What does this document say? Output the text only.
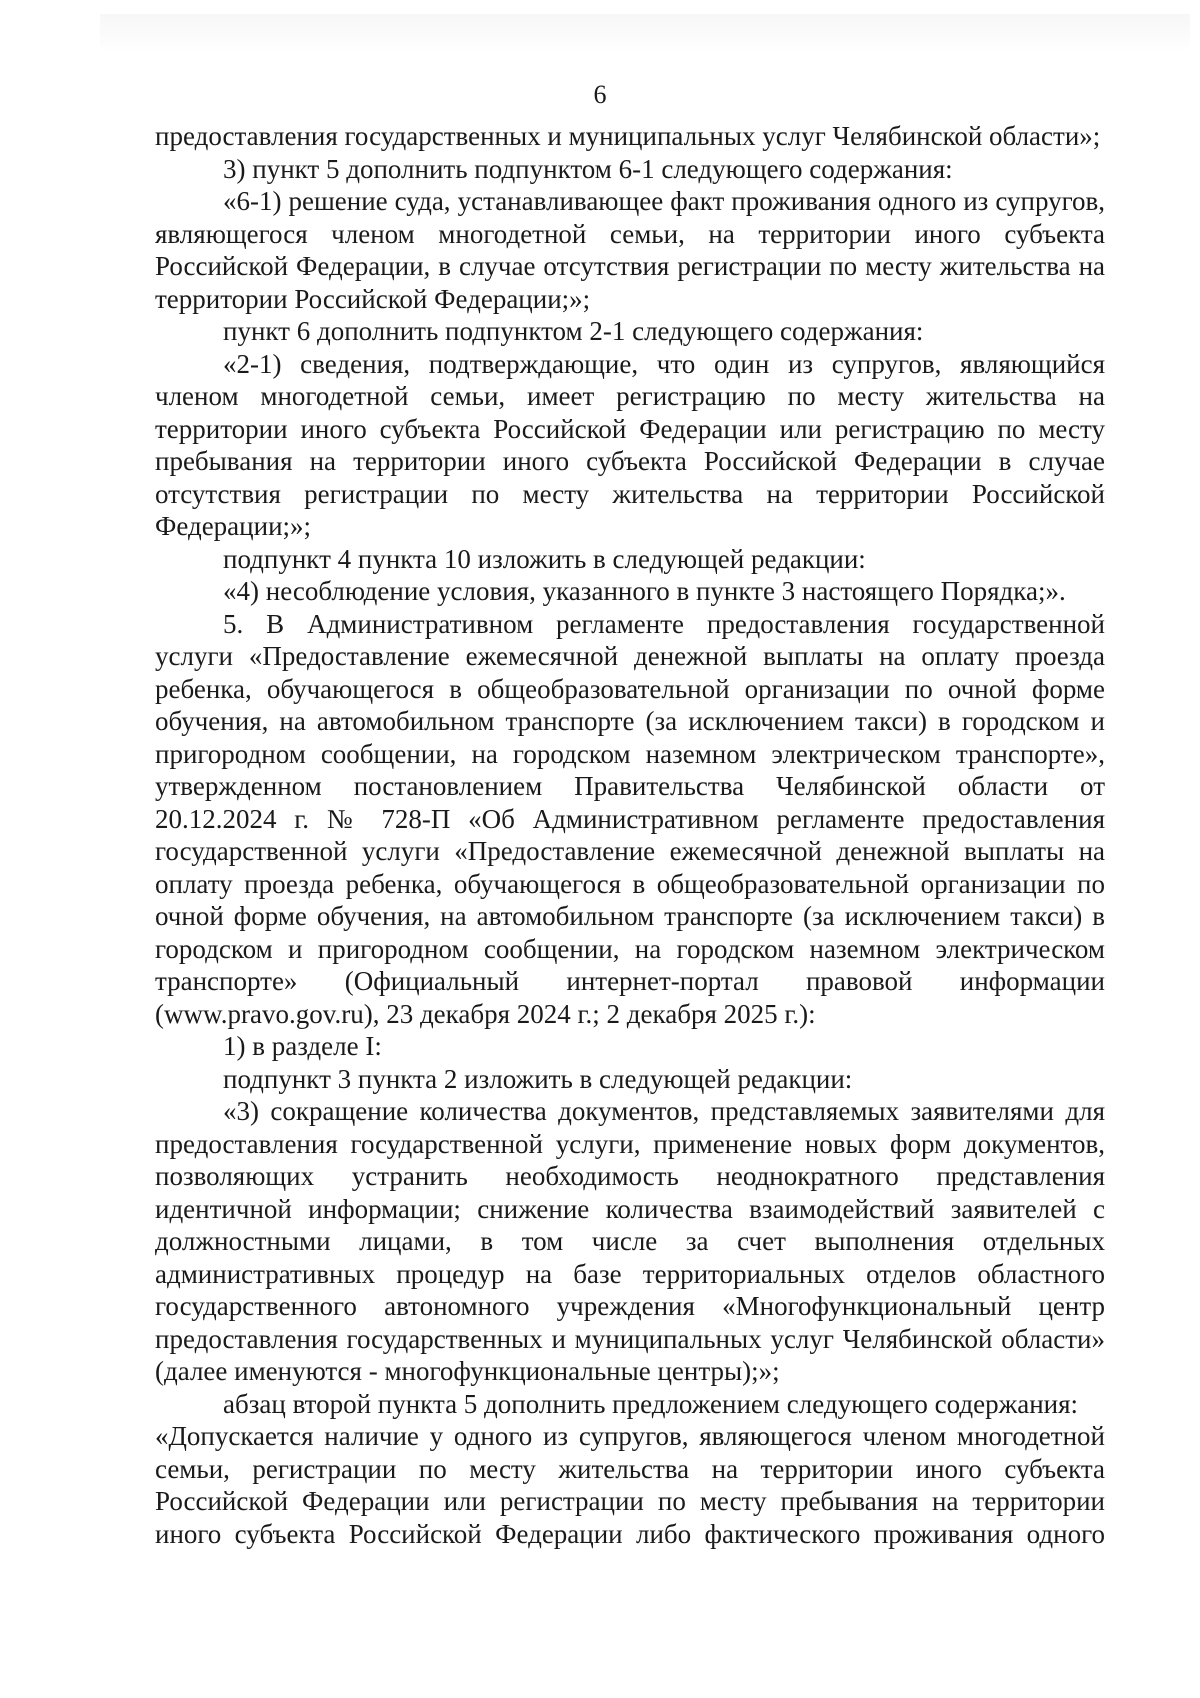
6

предоставления государственных и муниципальных услуг Челябинской области»;

3) пункт 5 дополнить подпунктом 6-1 следующего содержания:

«6-1) решение суда, устанавливающее факт проживания одного из супругов, являющегося членом многодетной семьи, на территории иного субъекта Российской Федерации, в случае отсутствия регистрации по месту жительства на территории Российской Федерации;»;

пункт 6 дополнить подпунктом 2-1 следующего содержания:

«2-1) сведения, подтверждающие, что один из супругов, являющийся членом многодетной семьи, имеет регистрацию по месту жительства на территории иного субъекта Российской Федерации или регистрацию по месту пребывания на территории иного субъекта Российской Федерации в случае отсутствия регистрации по месту жительства на территории Российской Федерации;»;

подпункт 4 пункта 10 изложить в следующей редакции:

«4) несоблюдение условия, указанного в пункте 3 настоящего Порядка;».

5. В Административном регламенте предоставления государственной услуги «Предоставление ежемесячной денежной выплаты на оплату проезда ребенка, обучающегося в общеобразовательной организации по очной форме обучения, на автомобильном транспорте (за исключением такси) в городском и пригородном сообщении, на городском наземном электрическом транспорте», утвержденном постановлением Правительства Челябинской области от 20.12.2024 г. № 728-П «Об Административном регламенте предоставления государственной услуги «Предоставление ежемесячной денежной выплаты на оплату проезда ребенка, обучающегося в общеобразовательной организации по очной форме обучения, на автомобильном транспорте (за исключением такси) в городском и пригородном сообщении, на городском наземном электрическом транспорте» (Официальный интернет-портал правовой информации (www.pravo.gov.ru), 23 декабря 2024 г.; 2 декабря 2025 г.):

1) в разделе I:

подпункт 3 пункта 2 изложить в следующей редакции:

«3) сокращение количества документов, представляемых заявителями для предоставления государственной услуги, применение новых форм документов, позволяющих устранить необходимость неоднократного представления идентичной информации; снижение количества взаимодействий заявителей с должностными лицами, в том числе за счет выполнения отдельных административных процедур на базе территориальных отделов областного государственного автономного учреждения «Многофункциональный центр предоставления государственных и муниципальных услуг Челябинской области» (далее именуются - многофункциональные центры);»;

абзац второй пункта 5 дополнить предложением следующего содержания:

«Допускается наличие у одного из супругов, являющегося членом многодетной семьи, регистрации по месту жительства на территории иного субъекта Российской Федерации или регистрации по месту пребывания на территории иного субъекта Российской Федерации либо фактического проживания одного
